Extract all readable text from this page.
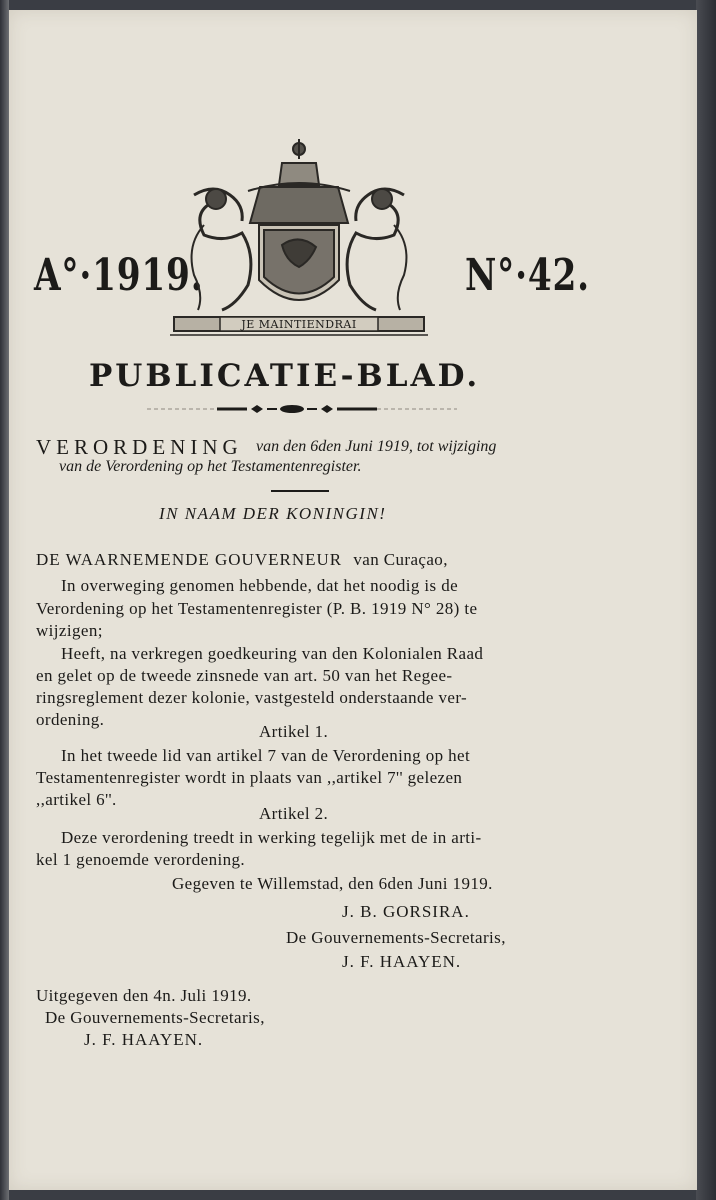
A°·1919.	N°·42.
JE MAINTIENDRAI
PUBLICATIE-BLAD.
VERORDENING van den 6den Juni 1919, tot wijziging
van de Verordening op het Testamentenregister.
IN NAAM DER KONINGIN!
DE WAARNEMENDE GOUVERNEUR van Curaçao,
In overweging genomen hebbende, dat het noodig is de
Verordening op het Testamentenregister (P. B. 1919 N° 28) te
wijzigen;
Heeft, na verkregen goedkeuring van den Kolonialen Raad
en gelet op de tweede zinsnede van art. 50 van het Regee-
ringsreglement dezer kolonie, vastgesteld onderstaande ver-
ordening.
Artikel 1.
In het tweede lid van artikel 7 van de Verordening op het
Testamentenregister wordt in plaats van ,,artikel 7'' gelezen
,,artikel 6''.
Artikel 2.
Deze verordening treedt in werking tegelijk met de in arti-
kel 1 genoemde verordening.
Gegeven te Willemstad, den 6den Juni 1919.
J. B. GORSIRA.
De Gouvernements-Secretaris,
J. F. HAAYEN.
Uitgegeven den 4n. Juli 1919.
De Gouvernements-Secretaris,
J. F. HAAYEN.
